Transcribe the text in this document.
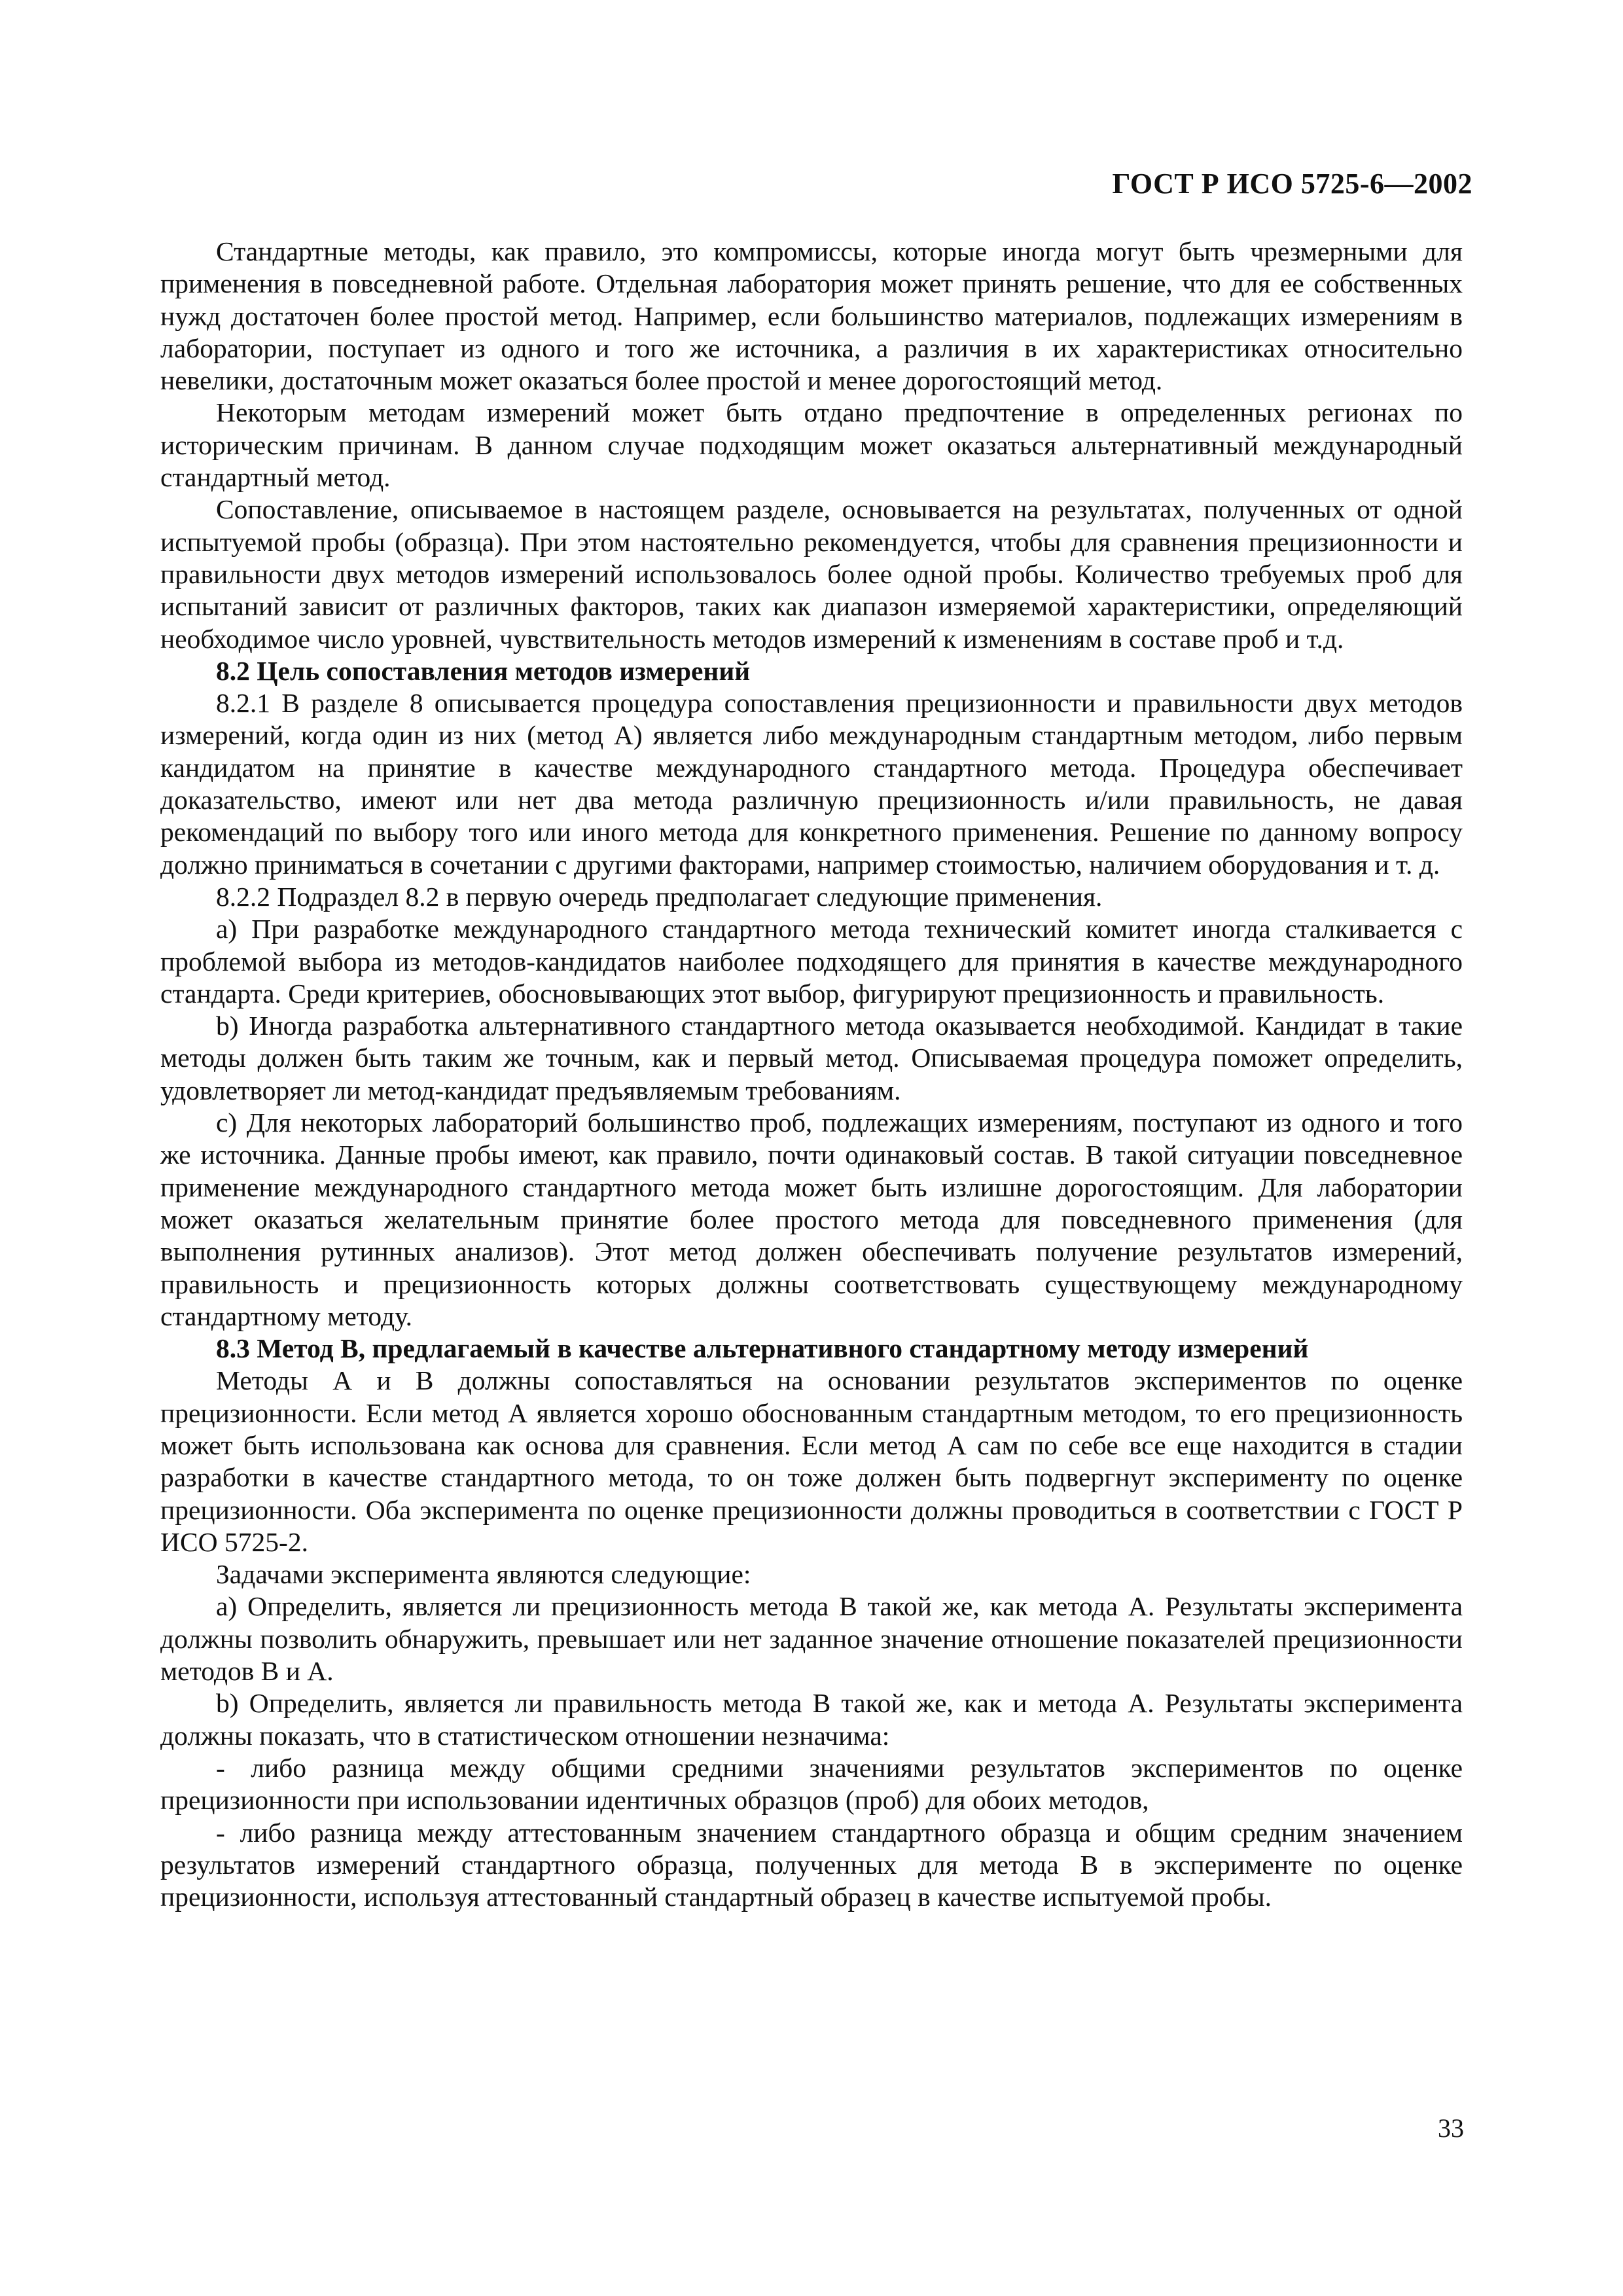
ГОСТ Р ИСО 5725-6—2002

Стандартные методы, как правило, это компромиссы, которые иногда могут быть чрезмерными для применения в повседневной работе. Отдельная лаборатория может принять решение, что для ее собственных нужд достаточен более простой метод. Например, если большинство материалов, подлежащих измерениям в лаборатории, поступает из одного и того же источника, а различия в их характеристиках относительно невелики, достаточным может оказаться более простой и менее дорогостоящий метод.

Некоторым методам измерений может быть отдано предпочтение в определенных регионах по историческим причинам. В данном случае подходящим может оказаться альтернативный международный стандартный метод.

Сопоставление, описываемое в настоящем разделе, основывается на результатах, полученных от одной испытуемой пробы (образца). При этом настоятельно рекомендуется, чтобы для сравнения прецизионности и правильности двух методов измерений использовалось более одной пробы. Количество требуемых проб для испытаний зависит от различных факторов, таких как диапазон измеряемой характеристики, определяющий необходимое число уровней, чувствительность методов измерений к изменениям в составе проб и т.д.

8.2 Цель сопоставления методов измерений

8.2.1 В разделе 8 описывается процедура сопоставления прецизионности и правильности двух методов измерений, когда один из них (метод А) является либо международным стандартным методом, либо первым кандидатом на принятие в качестве международного стандартного метода. Процедура обеспечивает доказательство, имеют или нет два метода различную прецизионность и/или правильность, не давая рекомендаций по выбору того или иного метода для конкретного применения. Решение по данному вопросу должно приниматься в сочетании с другими факторами, например стоимостью, наличием оборудования и т. д.

8.2.2 Подраздел 8.2 в первую очередь предполагает следующие применения.

а) При разработке международного стандартного метода технический комитет иногда сталкивается с проблемой выбора из методов-кандидатов наиболее подходящего для принятия в качестве международного стандарта. Среди критериев, обосновывающих этот выбор, фигурируют прецизионность и правильность.

b) Иногда разработка альтернативного стандартного метода оказывается необходимой. Кандидат в такие методы должен быть таким же точным, как и первый метод. Описываемая процедура поможет определить, удовлетворяет ли метод-кандидат предъявляемым требованиям.

с) Для некоторых лабораторий большинство проб, подлежащих измерениям, поступают из одного и того же источника. Данные пробы имеют, как правило, почти одинаковый состав. В такой ситуации повседневное применение международного стандартного метода может быть излишне дорогостоящим. Для лаборатории может оказаться желательным принятие более простого метода для повседневного применения (для выполнения рутинных анализов). Этот метод должен обеспечивать получение результатов измерений, правильность и прецизионность которых должны соответствовать существующему международному стандартному методу.

8.3 Метод В, предлагаемый в качестве альтернативного стандартному методу измерений

Методы А и В должны сопоставляться на основании результатов экспериментов по оценке прецизионности. Если метод А является хорошо обоснованным стандартным методом, то его прецизионность может быть использована как основа для сравнения. Если метод А сам по себе все еще находится в стадии разработки в качестве стандартного метода, то он тоже должен быть подвергнут эксперименту по оценке прецизионности. Оба эксперимента по оценке прецизионности должны проводиться в соответствии с ГОСТ Р ИСО 5725-2.

Задачами эксперимента являются следующие:

а) Определить, является ли прецизионность метода В такой же, как метода А. Результаты эксперимента должны позволить обнаружить, превышает или нет заданное значение отношение показателей прецизионности методов В и А.

b) Определить, является ли правильность метода В такой же, как и метода А. Результаты эксперимента должны показать, что в статистическом отношении незначима:

- либо разница между общими средними значениями результатов экспериментов по оценке прецизионности при использовании идентичных образцов (проб) для обоих методов,

- либо разница между аттестованным значением стандартного образца и общим средним значением результатов измерений стандартного образца, полученных для метода В в эксперименте по оценке прецизионности, используя аттестованный стандартный образец в качестве испытуемой пробы.

33
